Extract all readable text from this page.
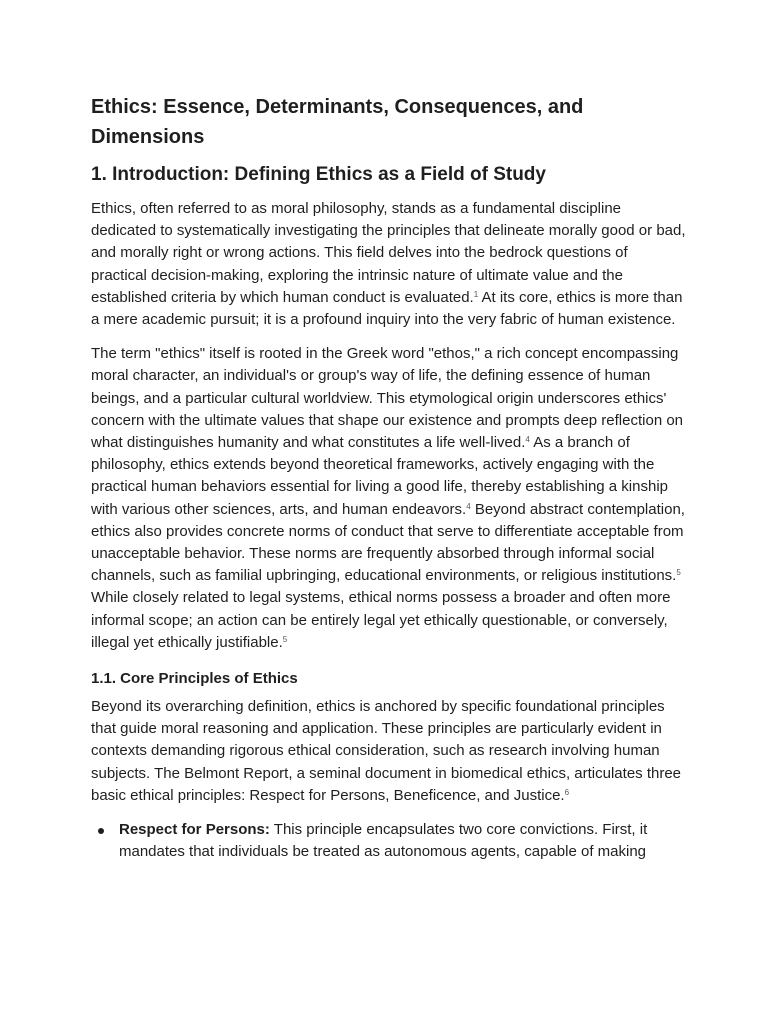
Ethics: Essence, Determinants, Consequences, and Dimensions
1. Introduction: Defining Ethics as a Field of Study

Ethics, often referred to as moral philosophy, stands as a fundamental discipline dedicated to systematically investigating the principles that delineate morally good or bad, and morally right or wrong actions. This field delves into the bedrock questions of practical decision-making, exploring the intrinsic nature of ultimate value and the established criteria by which human conduct is evaluated.$^1$ At its core, ethics is more than a mere academic pursuit; it is a profound inquiry into the very fabric of human existence.

The term "ethics" itself is rooted in the Greek word "ethos," a rich concept encompassing moral character, an individual's or group's way of life, the defining essence of human beings, and a particular cultural worldview. This etymological origin underscores ethics' concern with the ultimate values that shape our existence and prompts deep reflection on what distinguishes humanity and what constitutes a life well-lived.$^4$ As a branch of philosophy, ethics extends beyond theoretical frameworks, actively engaging with the practical human behaviors essential for living a good life, thereby establishing a kinship with various other sciences, arts, and human endeavors.$^4$ Beyond abstract contemplation, ethics also provides concrete norms of conduct that serve to differentiate acceptable from unacceptable behavior. These norms are frequently absorbed through informal social channels, such as familial upbringing, educational environments, or religious institutions.$^5$ While closely related to legal systems, ethical norms possess a broader and often more informal scope; an action can be entirely legal yet ethically questionable, or conversely, illegal yet ethically justifiable.$^5$

1.1. Core Principles of Ethics

Beyond its overarching definition, ethics is anchored by specific foundational principles that guide moral reasoning and application. These principles are particularly evident in contexts demanding rigorous ethical consideration, such as research involving human subjects. The Belmont Report, a seminal document in biomedical ethics, articulates three basic ethical principles: Respect for Persons, Beneficence, and Justice.$^6$

Respect for Persons: This principle encapsulates two core convictions. First, it mandates that individuals be treated as autonomous agents, capable of making
